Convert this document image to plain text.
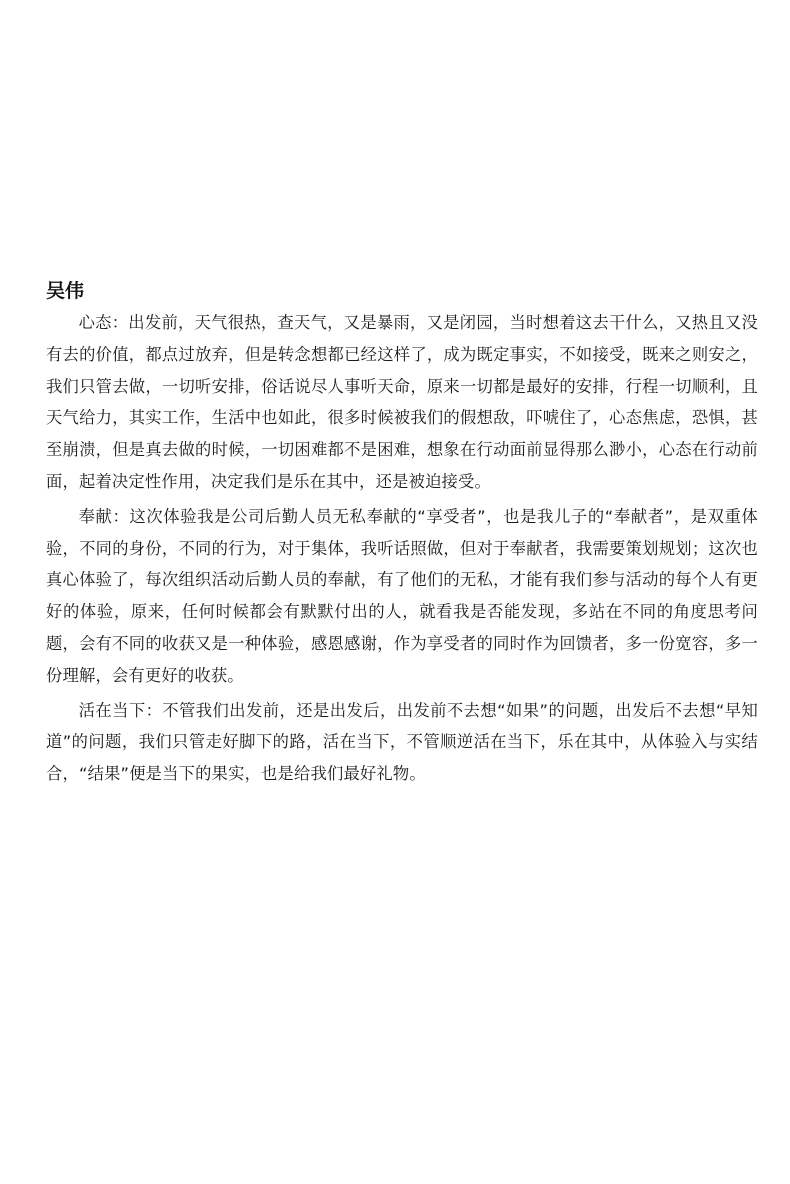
吴伟

心态：出发前，天气很热，查天气，又是暴雨，又是闭园，当时想着这去干什么，又热且又没有去的价值，都点过放弃，但是转念想都已经这样了，成为既定事实，不如接受，既来之则安之，我们只管去做，一切听安排，俗话说尽人事听天命，原来一切都是最好的安排，行程一切顺利，且天气给力，其实工作，生活中也如此，很多时候被我们的假想敌，吓唬住了，心态焦虑，恐惧，甚至崩溃，但是真去做的时候，一切困难都不是困难，想象在行动面前显得那么渺小，心态在行动前面，起着决定性作用，决定我们是乐在其中，还是被迫接受。

奉献：这次体验我是公司后勤人员无私奉献的“享受者”，也是我儿子的“奉献者”，是双重体验，不同的身份，不同的行为，对于集体，我听话照做，但对于奉献者，我需要策划规划；这次也真心体验了，每次组织活动后勤人员的奉献，有了他们的无私，才能有我们参与活动的每个人有更好的体验，原来，任何时候都会有默默付出的人，就看我是否能发现，多站在不同的角度思考问题，会有不同的收获又是一种体验，感恩感谢，作为享受者的同时作为回馈者，多一份宽容，多一份理解，会有更好的收获。

活在当下：不管我们出发前，还是出发后，出发前不去想“如果”的问题，出发后不去想“早知道”的问题，我们只管走好脚下的路，活在当下，不管顺逆活在当下，乐在其中，从体验入与实结合，“结果”便是当下的果实，也是给我们最好礼物。
